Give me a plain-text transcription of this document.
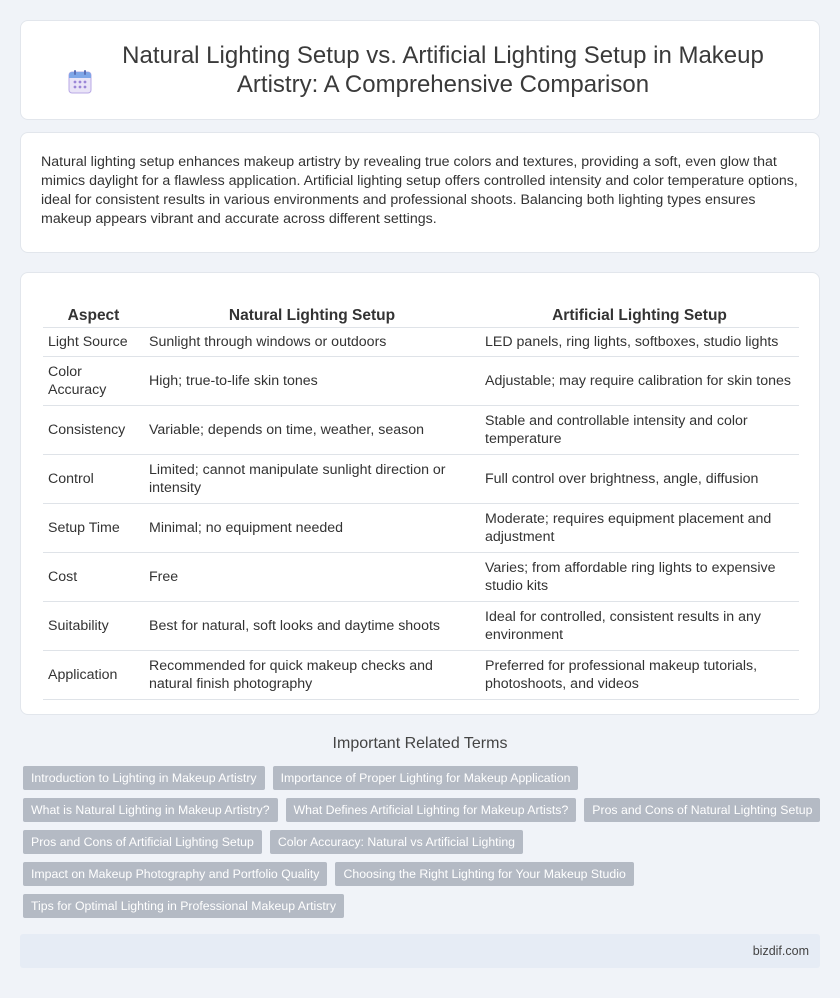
Natural Lighting Setup vs. Artificial Lighting Setup in Makeup Artistry: A Comprehensive Comparison

Natural lighting setup enhances makeup artistry by revealing true colors and textures, providing a soft, even glow that mimics daylight for a flawless application. Artificial lighting setup offers controlled intensity and color temperature options, ideal for consistent results in various environments and professional shoots. Balancing both lighting types ensures makeup appears vibrant and accurate across different settings.

Aspect	Natural Lighting Setup	Artificial Lighting Setup
Light Source	Sunlight through windows or outdoors	LED panels, ring lights, softboxes, studio lights
Color Accuracy	High; true-to-life skin tones	Adjustable; may require calibration for skin tones
Consistency	Variable; depends on time, weather, season	Stable and controllable intensity and color temperature
Control	Limited; cannot manipulate sunlight direction or intensity	Full control over brightness, angle, diffusion
Setup Time	Minimal; no equipment needed	Moderate; requires equipment placement and adjustment
Cost	Free	Varies; from affordable ring lights to expensive studio kits
Suitability	Best for natural, soft looks and daytime shoots	Ideal for controlled, consistent results in any environment
Application	Recommended for quick makeup checks and natural finish photography	Preferred for professional makeup tutorials, photoshoots, and videos
Important Related Terms
Introduction to Lighting in Makeup Artistry	Importance of Proper Lighting for Makeup Application
What is Natural Lighting in Makeup Artistry?	What Defines Artificial Lighting for Makeup Artists?	Pros and Cons of Natural Lighting Setup
Pros and Cons of Artificial Lighting Setup	Color Accuracy: Natural vs Artificial Lighting
Impact on Makeup Photography and Portfolio Quality	Choosing the Right Lighting for Your Makeup Studio
Tips for Optimal Lighting in Professional Makeup Artistry
bizdif.com
